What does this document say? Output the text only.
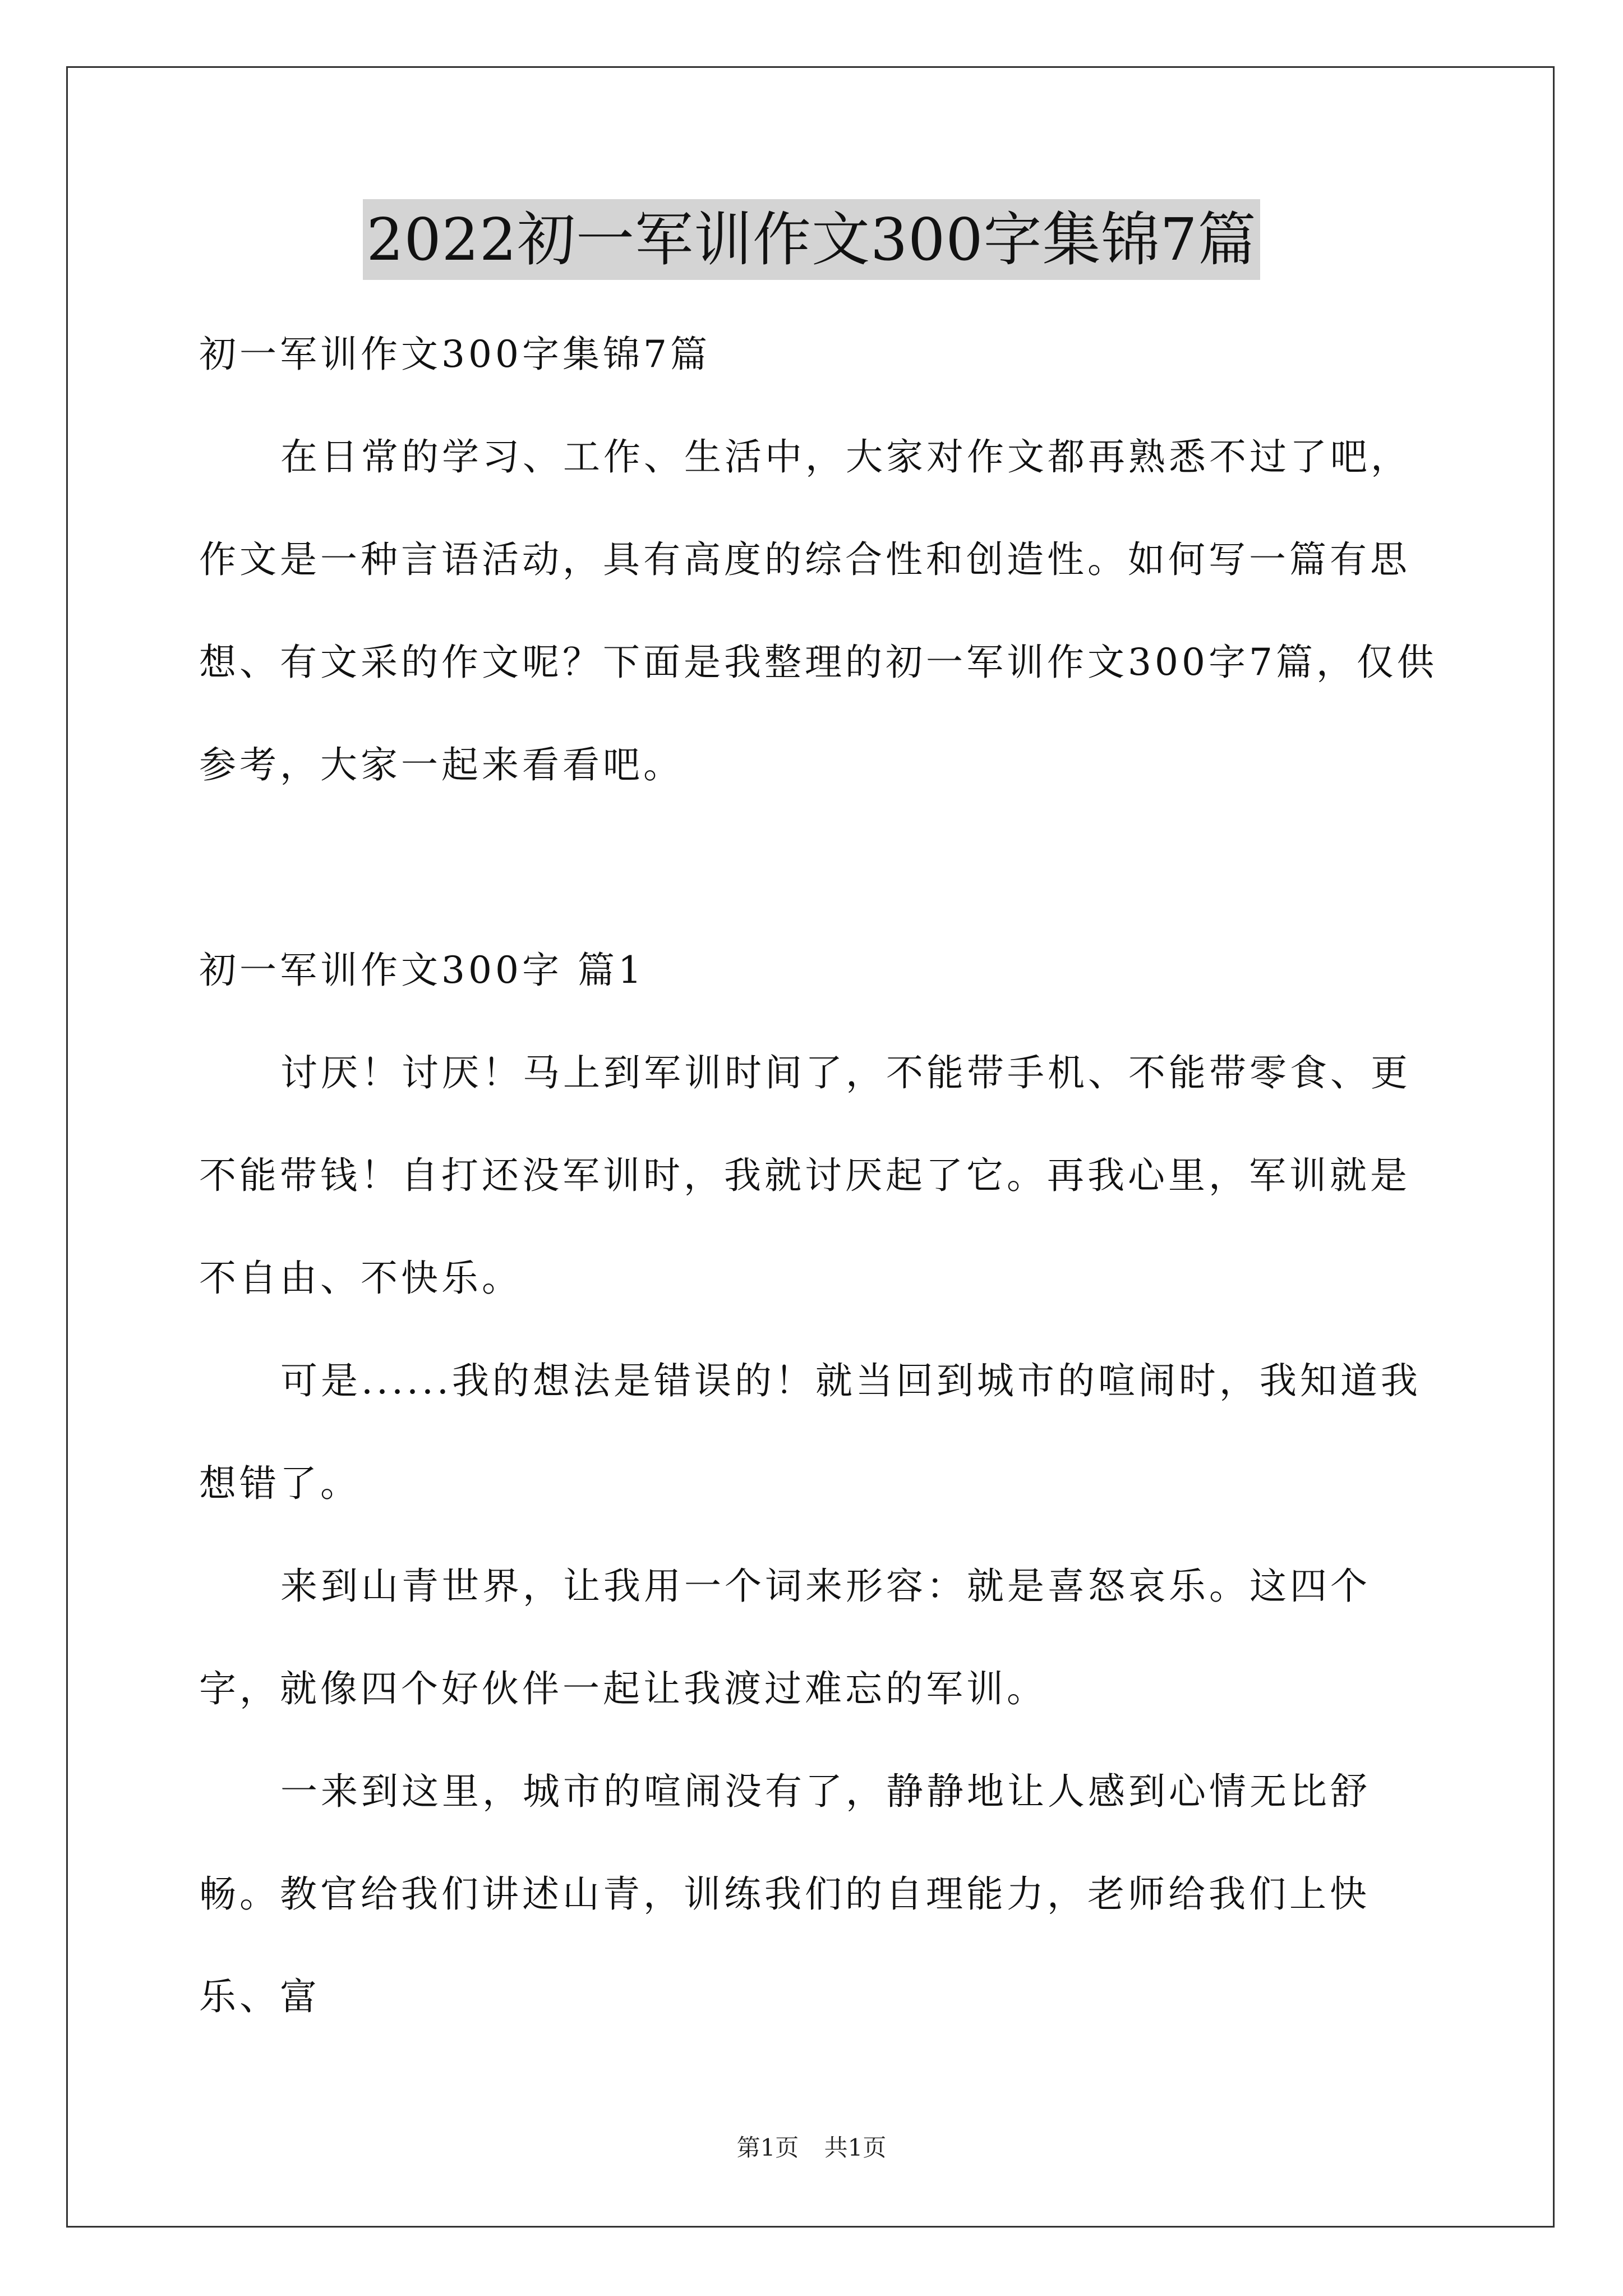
2022初一军训作文300字集锦7篇

初一军训作文300字集锦7篇

在日常的学习、工作、生活中，大家对作文都再熟悉不过了吧，作文是一种言语活动，具有高度的综合性和创造性。如何写一篇有思想、有文采的作文呢？下面是我整理的初一军训作文300字7篇，仅供参考，大家一起来看看吧。

初一军训作文300字 篇1

讨厌！讨厌！马上到军训时间了，不能带手机、不能带零食、更不能带钱！自打还没军训时，我就讨厌起了它。再我心里，军训就是不自由、不快乐。

可是......我的想法是错误的！就当回到城市的喧闹时，我知道我想错了。

来到山青世界，让我用一个词来形容：就是喜怒哀乐。这四个字，就像四个好伙伴一起让我渡过难忘的军训。

一来到这里，城市的喧闹没有了，静静地让人感到心情无比舒畅。教官给我们讲述山青，训练我们的自理能力，老师给我们上快乐、富

第1页 共1页
